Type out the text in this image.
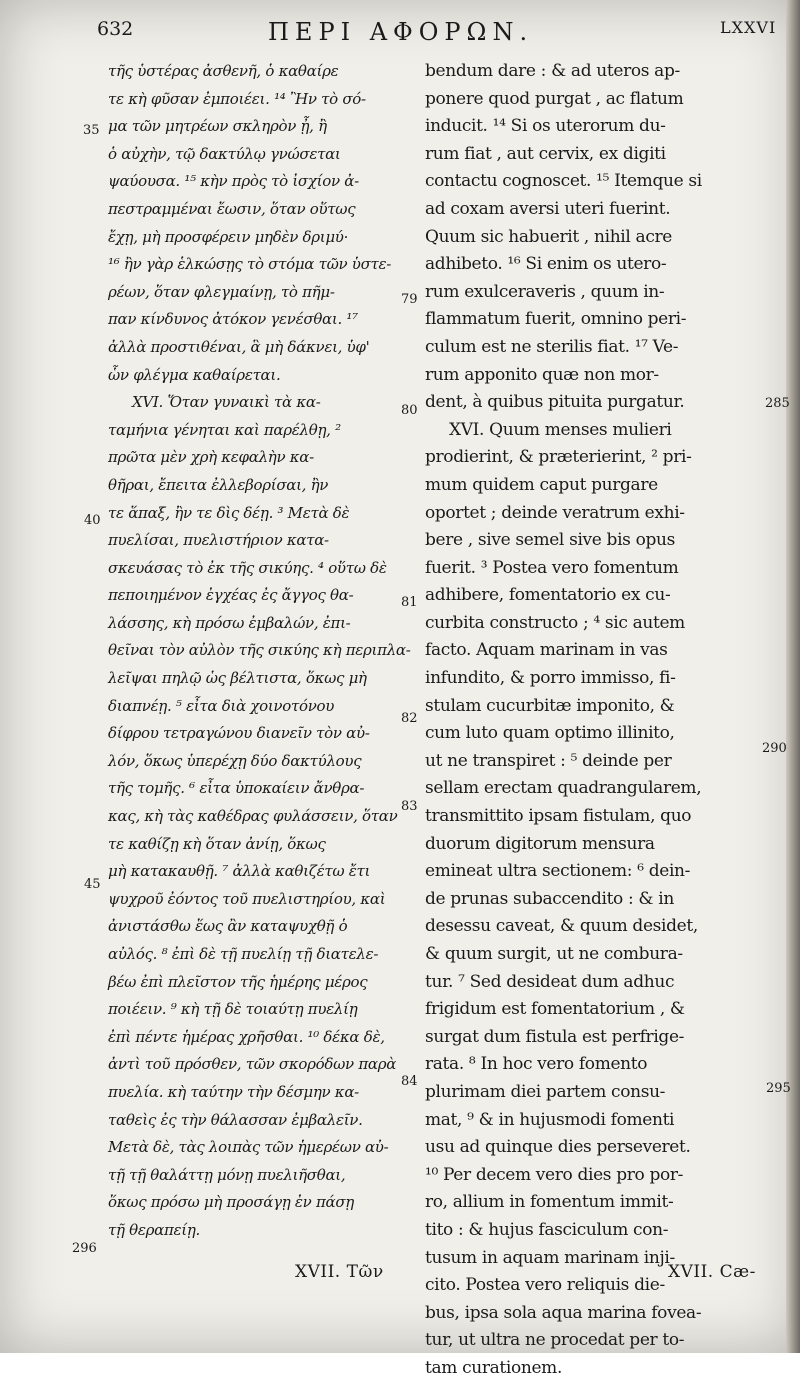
632	ΠΕΡΙ ΑΦΟΡΩΝ.	LXXVI
τῆς ὑστέρας ἀσθενῆ, ὁ καθαίρε
τε κὴ φῦσαν ἐμποιέει. ¹⁴ Ἢν τὸ σό-
μα τῶν μητρέων σκληρὸν ᾖ, ἢ
ὁ αὐχὴν, τῷ δακτύλῳ γνώσεται
ψαύουσα. ¹⁵ κὴν πρὸς τὸ ἰσχίον ἀ-
πεστραμμέναι ἔωσιν, ὅταν οὕτως
ἔχῃ, μὴ προσφέρειν μηδὲν δριμύ·
¹⁶ ἢν γὰρ ἑλκώσῃς τὸ στόμα τῶν ὑστε-
ρέων, ὅταν φλεγμαίνῃ, τὸ πῆμ-
παν κίνδυνος ἀτόκον γενέσθαι. ¹⁷
ἀλλὰ προστιθέναι, ἃ μὴ δάκνει, ὑφ'
ὧν φλέγμα καθαίρεται.
XVI. Ὅταν γυναικὶ τὰ κα-
ταμήνια γένηται καὶ παρέλθῃ, ²
πρῶτα μὲν χρὴ κεφαλὴν κα-
θῆραι, ἔπειτα ἐλλεβορίσαι, ἢν
τε ἅπαξ, ἢν τε δὶς δέῃ. ³ Μετὰ δὲ
πυελίσαι, πυελιστήριον κατα-
σκευάσας τὸ ἐκ τῆς σικύης. ⁴ οὕτω δὲ
πεποιημένον ἐγχέας ἐς ἄγγος θα-
λάσσης, κὴ πρόσω ἐμβαλών, ἐπι-
θεῖναι τὸν αὐλὸν τῆς σικύης κὴ περιπλα-
λεῖψαι πηλῷ ὡς βέλτιστα, ὅκως μὴ
διαπνέῃ. ⁵ εἶτα διὰ χοινοτόνου
δίφρου τετραγώνου διανεῖν τὸν αὐ-
λόν, ὅκως ὑπερέχῃ δύο δακτύλους
τῆς τομῆς. ⁶ εἶτα ὑποκαίειν ἄνθρα-
κας, κὴ τὰς καθέδρας φυλάσσειν, ὅταν
τε καθίζῃ κὴ ὅταν ἀνίῃ, ὅκως
μὴ κατακαυθῇ. ⁷ ἀλλὰ καθιζέτω ἔτι
ψυχροῦ ἐόντος τοῦ πυελιστηρίου, καὶ
ἀνιστάσθω ἕως ἂν καταψυχθῇ ὁ
αὐλός. ⁸ ἐπὶ δὲ τῇ πυελίῃ τῇ διατελε-
βέω ἐπὶ πλεῖστον τῆς ἡμέρης μέρος
ποιέειν. ⁹ κὴ τῇ δὲ τοιαύτῃ πυελίῃ
ἐπὶ πέντε ἡμέρας χρῆσθαι. ¹⁰ δέκα δὲ,
ἀντὶ τοῦ πρόσθεν, τῶν σκορόδων παρὰ
πυελία. κὴ ταύτην τὴν δέσμην κα-
ταθεὶς ἐς τὴν θάλασσαν ἐμβαλεῖν.
Μετὰ δὲ, τὰς λοιπὰς τῶν ἡμερέων αὐ-
τῇ τῇ θαλάττῃ μόνῃ πυελιῆσθαι,
ὅκως πρόσω μὴ προσάγῃ ἐν πάσῃ
τῇ θεραπείῃ.
bendum dare : & ad uteros ap-
ponere quod purgat , ac flatum
inducit. ¹⁴ Si os uterorum du-
rum fiat , aut cervix, ex digiti
contactu cognoscet. ¹⁵ Itemque si
ad coxam aversi uteri fuerint.
Quum sic habuerit , nihil acre
adhibeto. ¹⁶ Si enim os utero-
rum exulceraveris , quum in-
flammatum fuerit, omnino peri-
culum est ne sterilis fiat. ¹⁷ Ve-
rum apponito quæ non mor-
dent, à quibus pituita purgatur.
XVI. Quum menses mulieri
prodierint, & præterierint, ² pri-
mum quidem caput purgare
oportet ; deinde veratrum exhi-
bere , sive semel sive bis opus
fuerit. ³ Postea vero fomentum
adhibere, fomentatorio ex cu-
curbita constructo ; ⁴ sic autem
facto. Aquam marinam in vas
infundito, & porro immisso, fi-
stulam cucurbitæ imponito, &
cum luto quam optimo illinito,
ut ne transpiret : ⁵ deinde per
sellam erectam quadrangularem,
transmittito ipsam fistulam, quo
duorum digitorum mensura
emineat ultra sectionem: ⁶ dein-
de prunas subaccendito : & in
desessu caveat, & quum desidet,
& quum surgit, ut ne combura-
tur. ⁷ Sed desideat dum adhuc
frigidum est fomentatorium , &
surgat dum fistula est perfrige-
rata. ⁸ In hoc vero fomento
plurimam diei partem consu-
mat, ⁹ & in hujusmodi fomenti
usu ad quinque dies perseveret.
¹⁰ Per decem vero dies pro por-
ro, allium in fomentum immit-
tito : & hujus fasciculum con-
tusum in aquam marinam inji-
cito. Postea vero reliquis die-
bus, ipsa sola aqua marina fovea-
tur, ut ultra ne procedat per to-
tam curationem.
35
40
45
296
79
80
81
82
83
84
285
290
295
XVII. Τῶν	XVII. Cæ-
